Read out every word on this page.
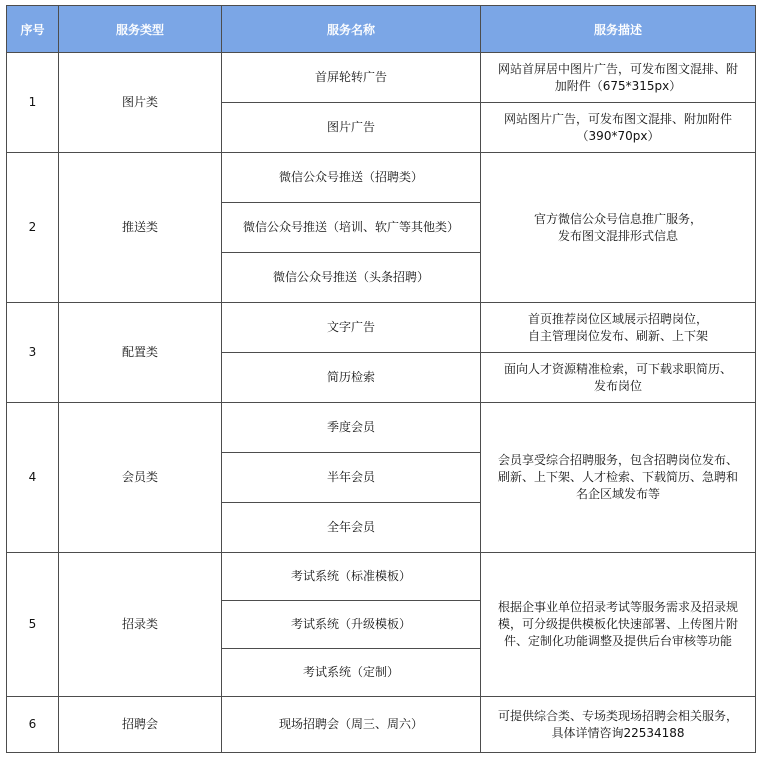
序号	服务类型	服务名称	服务描述
1	图片类	首屏轮转广告	网站首屏居中图片广告，可发布图文混排、附
加附件（675*315px）
		图片广告	网站图片广告，可发布图文混排、附加附件
（390*70px）
2	推送类	微信公众号推送（招聘类）	官方微信公众号信息推广服务，
发布图文混排形式信息
		微信公众号推送（培训、软广等其他类）	
		微信公众号推送（头条招聘）	
3	配置类	文字广告	首页推荐岗位区域展示招聘岗位，
自主管理岗位发布、刷新、上下架
		简历检索	面向人才资源精准检索，可下载求职简历、
发布岗位
4	会员类	季度会员	会员享受综合招聘服务，包含招聘岗位发布、
刷新、上下架、人才检索、下载简历、急聘和
名企区域发布等
		半年会员	
		全年会员	
5	招录类	考试系统（标准模板）	根据企事业单位招录考试等服务需求及招录规
模，可分级提供模板化快速部署、上传图片附
件、定制化功能调整及提供后台审核等功能
		考试系统（升级模板）	
		考试系统（定制）	
6	招聘会	现场招聘会（周三、周六）	可提供综合类、专场类现场招聘会相关服务，
具体详情咨询22534188
